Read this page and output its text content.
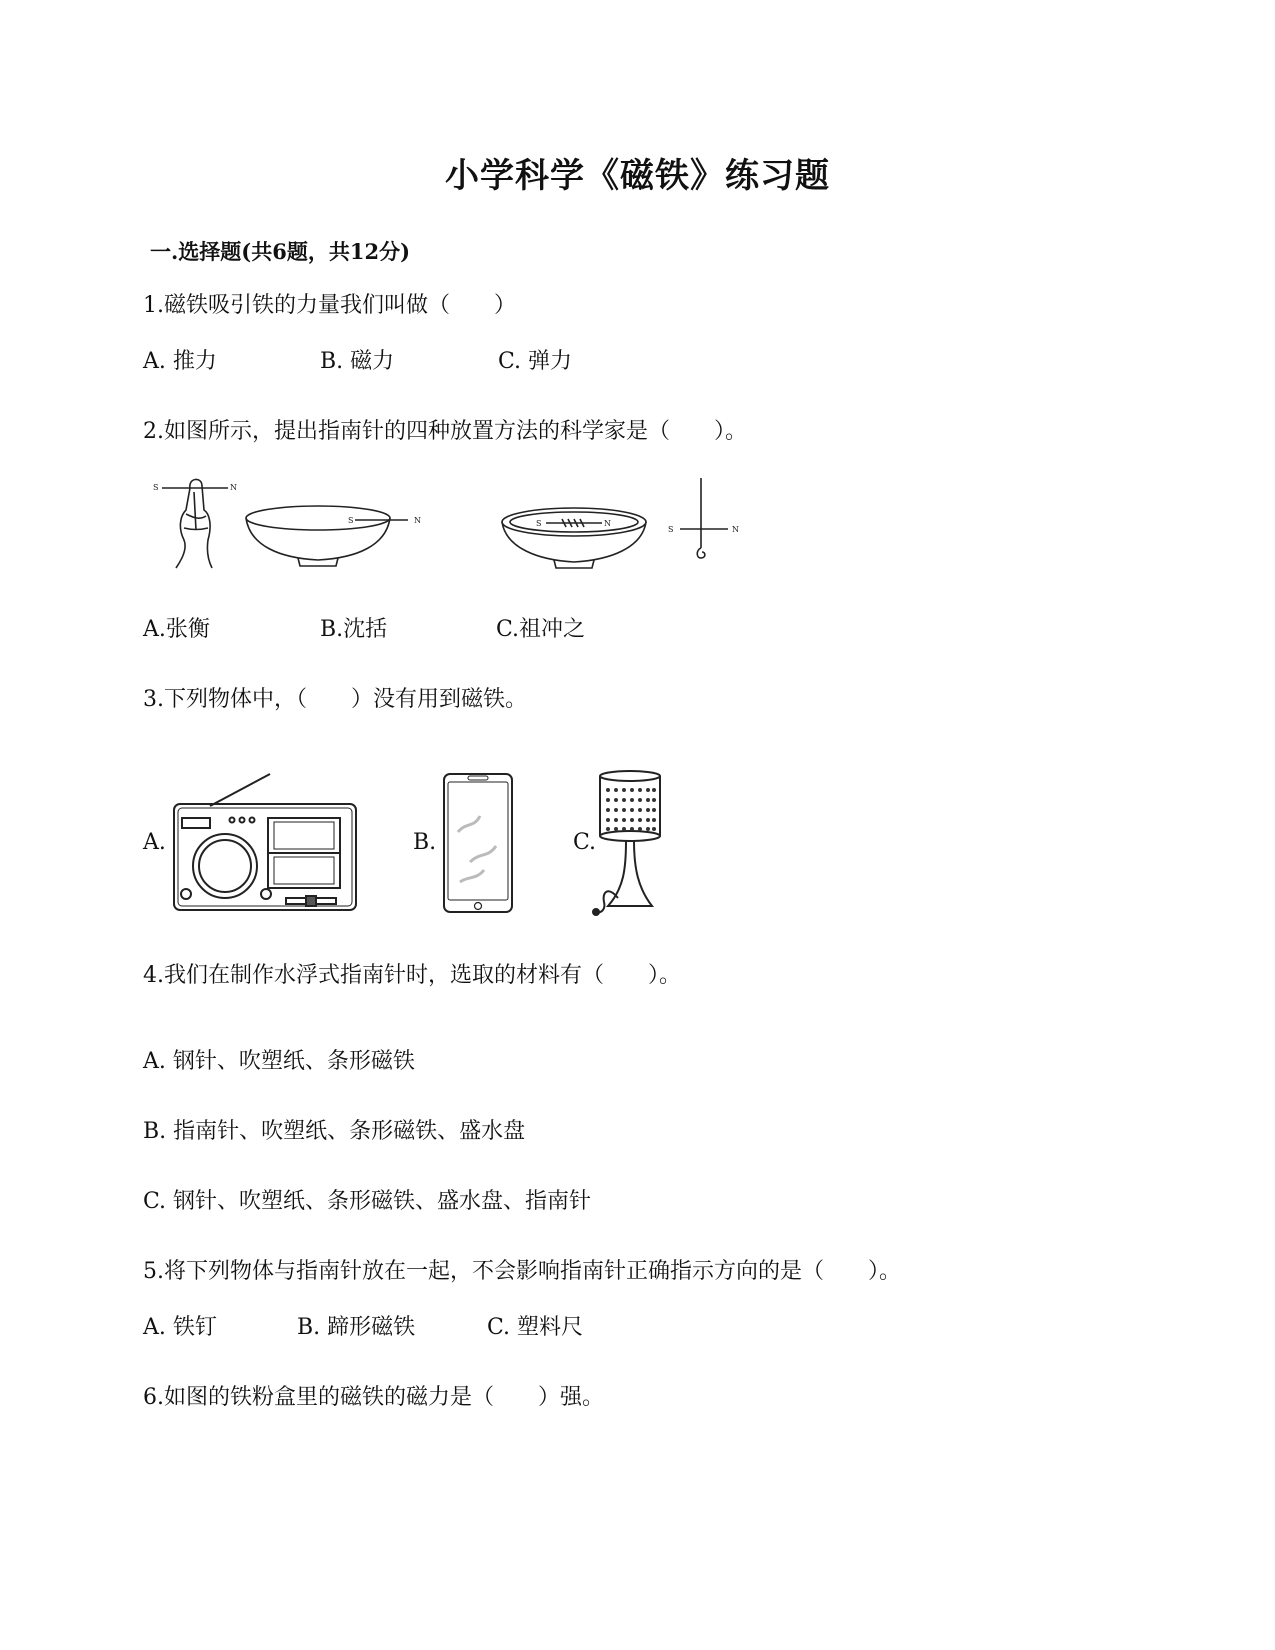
小学科学《磁铁》练习题
一.选择题(共6题，共12分)
1.磁铁吸引铁的力量我们叫做（　　）
A. 推力	B. 磁力	C. 弹力
2.如图所示，提出指南针的四种放置方法的科学家是（　　）。
S	N
S	N	S	N
S	N
A.张衡	B.沈括	C.祖冲之
3.下列物体中，（　　）没有用到磁铁。
A.	B.	C.
4.我们在制作水浮式指南针时，选取的材料有（　　）。
A. 钢针、吹塑纸、条形磁铁
B. 指南针、吹塑纸、条形磁铁、盛水盘
C. 钢针、吹塑纸、条形磁铁、盛水盘、指南针
5.将下列物体与指南针放在一起，不会影响指南针正确指示方向的是（　　）。
A. 铁钉	B. 蹄形磁铁	C. 塑料尺
6.如图的铁粉盒里的磁铁的磁力是（　　）强。
